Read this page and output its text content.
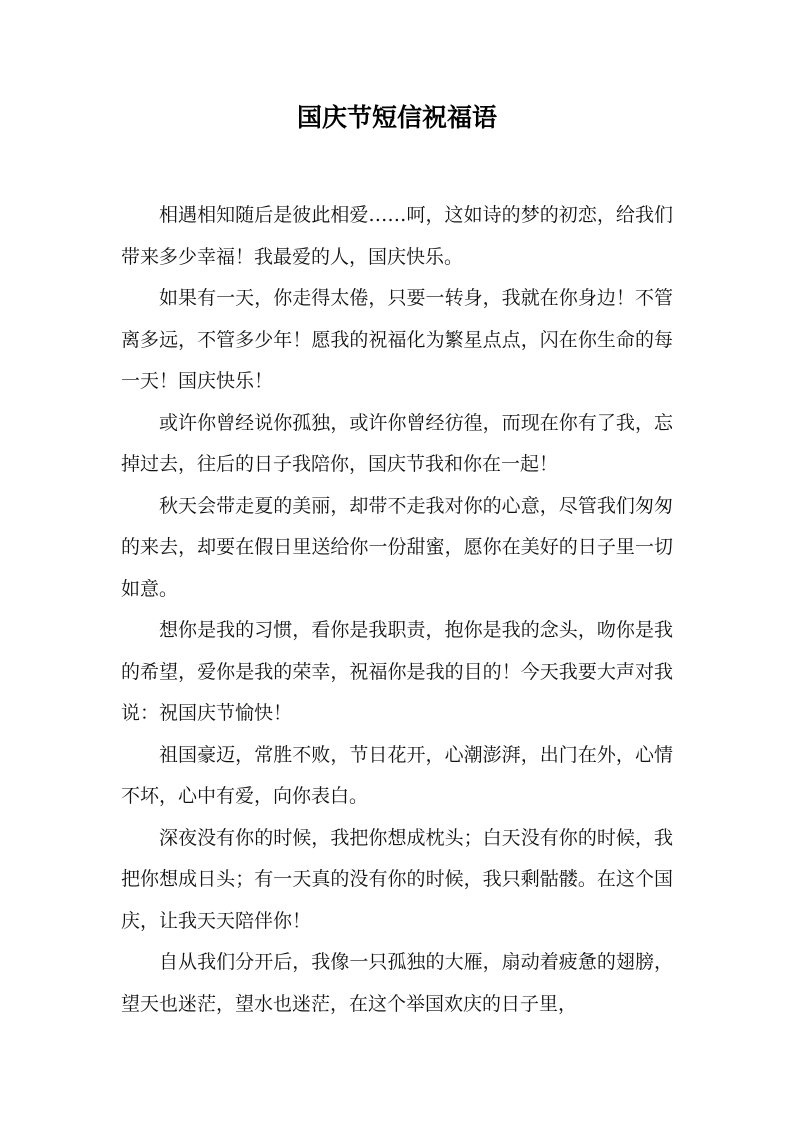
国庆节短信祝福语

相遇相知随后是彼此相爱……呵，这如诗的梦的初恋，给我们带来多少幸福！我最爱的人，国庆快乐。

如果有一天，你走得太倦，只要一转身，我就在你身边！不管离多远，不管多少年！愿我的祝福化为繁星点点，闪在你生命的每一天！国庆快乐！

或许你曾经说你孤独，或许你曾经彷徨，而现在你有了我，忘掉过去，往后的日子我陪你，国庆节我和你在一起！

秋天会带走夏的美丽，却带不走我对你的心意，尽管我们匆匆的来去，却要在假日里送给你一份甜蜜，愿你在美好的日子里一切如意。

想你是我的习惯，看你是我职责，抱你是我的念头，吻你是我的希望，爱你是我的荣幸，祝福你是我的目的！今天我要大声对我说：祝国庆节愉快！

祖国豪迈，常胜不败，节日花开，心潮澎湃，出门在外，心情不坏，心中有爱，向你表白。

深夜没有你的时候，我把你想成枕头；白天没有你的时候，我把你想成日头；有一天真的没有你的时候，我只剩骷髅。在这个国庆，让我天天陪伴你！

自从我们分开后，我像一只孤独的大雁，扇动着疲惫的翅膀，望天也迷茫，望水也迷茫，在这个举国欢庆的日子里，
